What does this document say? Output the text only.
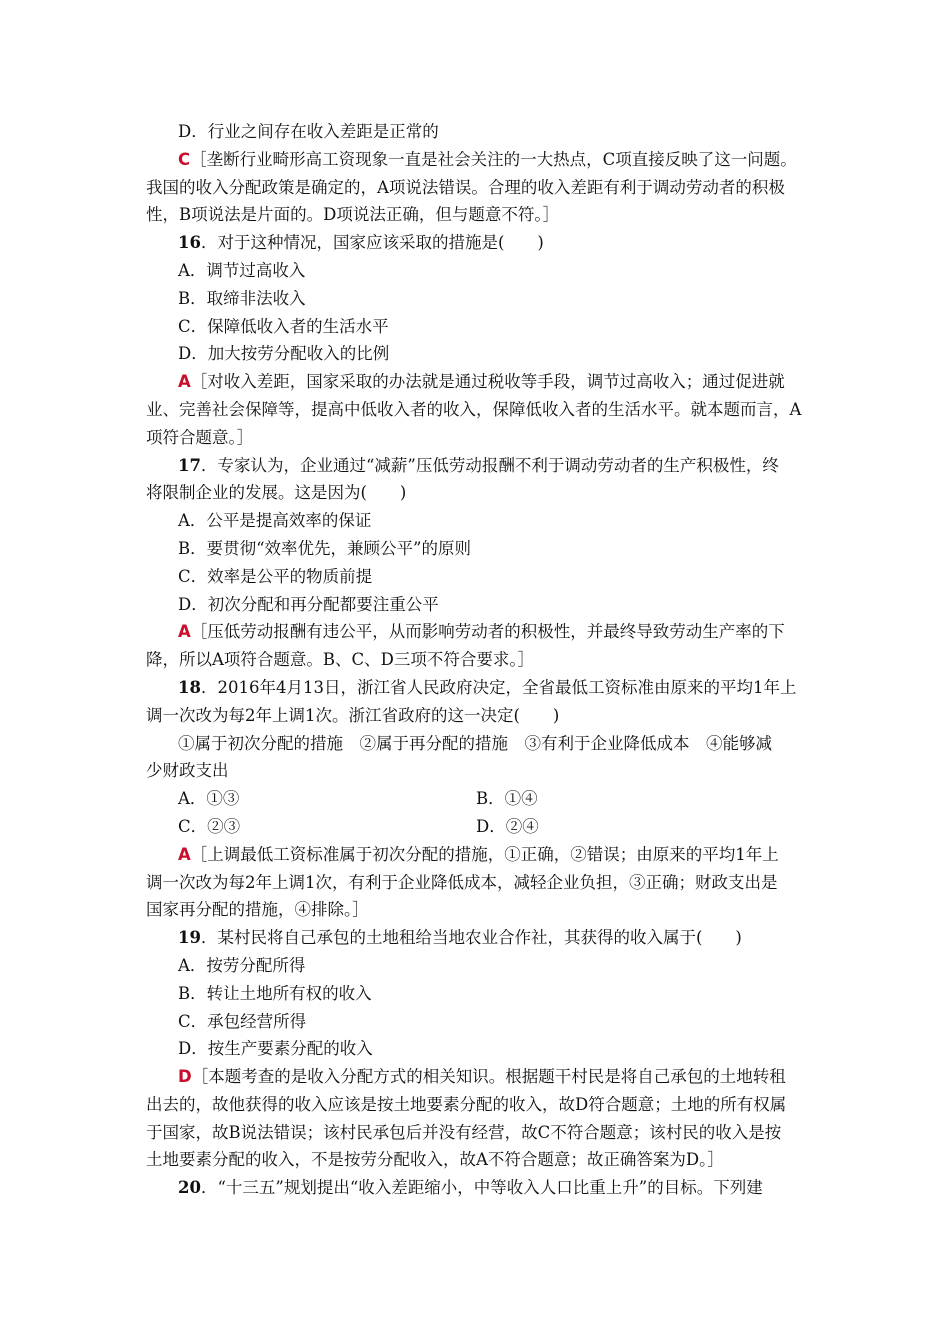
D．行业之间存在收入差距是正常的
C［垄断行业畸形高工资现象一直是社会关注的一大热点，C项直接反映了这一问题。
我国的收入分配政策是确定的，A项说法错误。合理的收入差距有利于调动劳动者的积极
性，B项说法是片面的。D项说法正确，但与题意不符。］
16．对于这种情况，国家应该采取的措施是(　　)
A．调节过高收入
B．取缔非法收入
C．保障低收入者的生活水平
D．加大按劳分配收入的比例
A［对收入差距，国家采取的办法就是通过税收等手段，调节过高收入；通过促进就
业、完善社会保障等，提高中低收入者的收入，保障低收入者的生活水平。就本题而言，A
项符合题意。］
17．专家认为，企业通过“减薪”压低劳动报酬不利于调动劳动者的生产积极性，终
将限制企业的发展。这是因为(　　)
A．公平是提高效率的保证
B．要贯彻“效率优先，兼顾公平”的原则
C．效率是公平的物质前提
D．初次分配和再分配都要注重公平
A［压低劳动报酬有违公平，从而影响劳动者的积极性，并最终导致劳动生产率的下
降，所以A项符合题意。B、C、D三项不符合要求。］
18．2016年4月13日，浙江省人民政府决定，全省最低工资标准由原来的平均1年上
调一次改为每2年上调1次。浙江省政府的这一决定(　　)
①属于初次分配的措施　②属于再分配的措施　③有利于企业降低成本　④能够减
少财政支出
A．①③	B．①④
C．②③	D．②④
A［上调最低工资标准属于初次分配的措施，①正确，②错误；由原来的平均1年上
调一次改为每2年上调1次，有利于企业降低成本，减轻企业负担，③正确；财政支出是
国家再分配的措施，④排除。］
19．某村民将自己承包的土地租给当地农业合作社，其获得的收入属于(　　)
A．按劳分配所得
B．转让土地所有权的收入
C．承包经营所得
D．按生产要素分配的收入
D［本题考查的是收入分配方式的相关知识。根据题干村民是将自己承包的土地转租
出去的，故他获得的收入应该是按土地要素分配的收入，故D符合题意；土地的所有权属
于国家，故B说法错误；该村民承包后并没有经营，故C不符合题意；该村民的收入是按
土地要素分配的收入，不是按劳分配收入，故A不符合题意；故正确答案为D。］
20．“十三五”规划提出“收入差距缩小，中等收入人口比重上升”的目标。下列建
